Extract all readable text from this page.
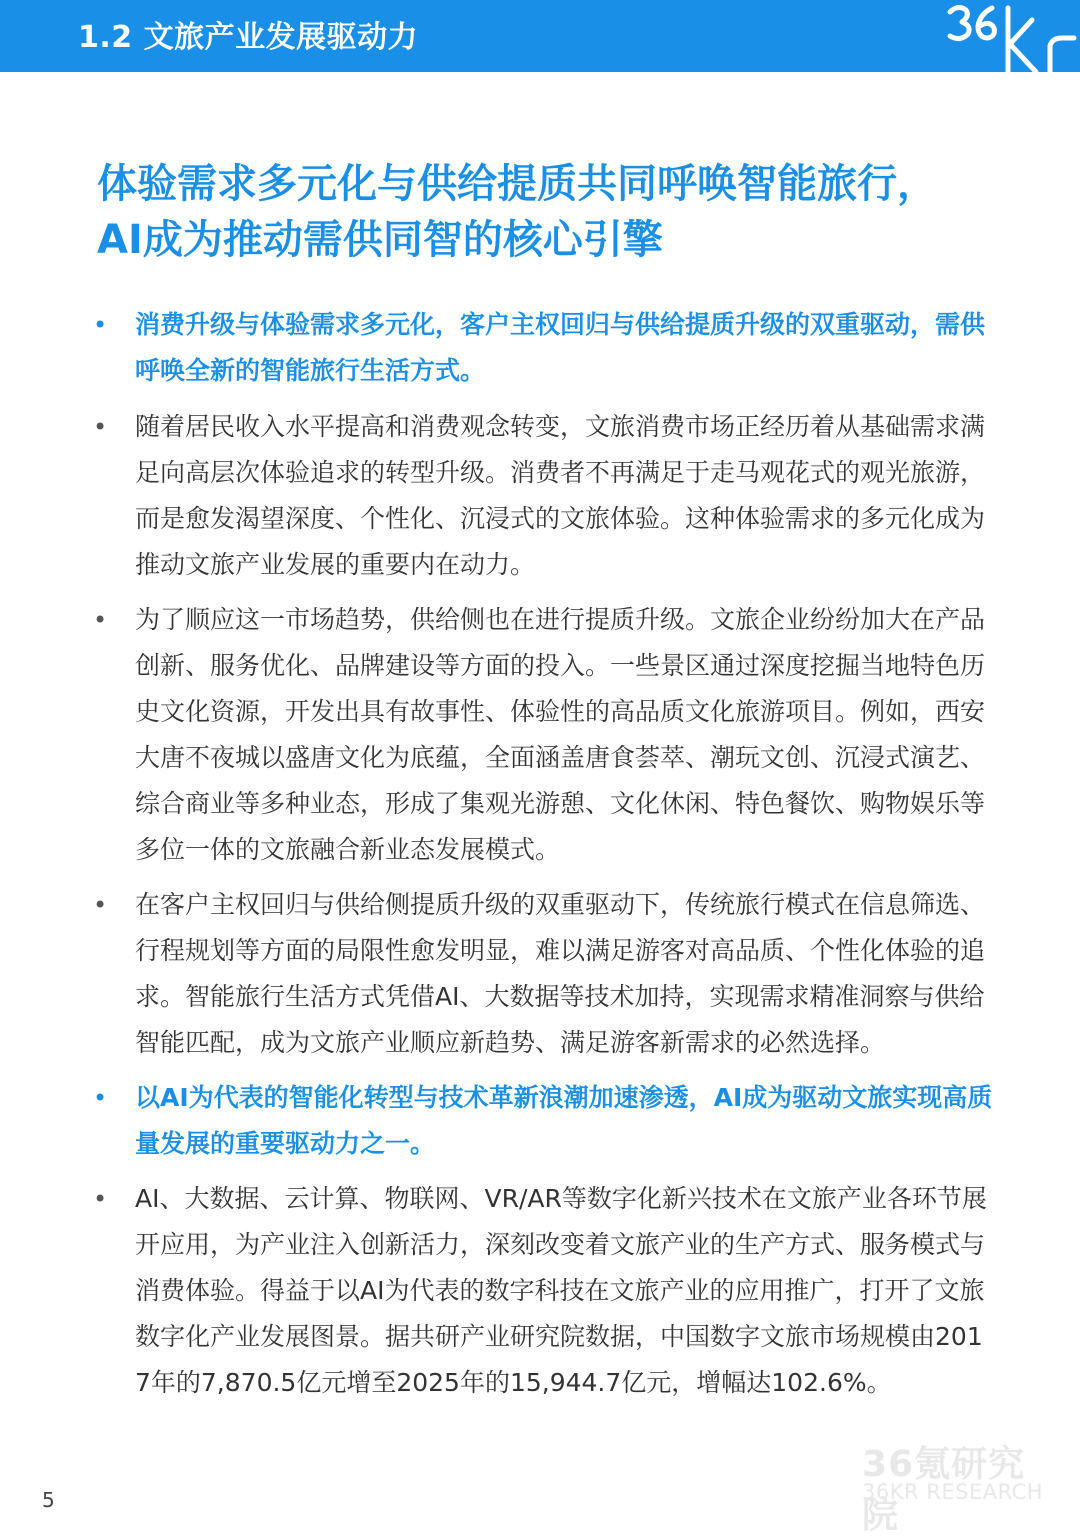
1.2 文旅产业发展驱动力
体验需求多元化与供给提质共同呼唤智能旅行，
AI成为推动需供同智的核心引擎
• 消费升级与体验需求多元化，客户主权回归与供给提质升级的双重驱动，需供呼唤全新的智能旅行生活方式。
• 随着居民收入水平提高和消费观念转变，文旅消费市场正经历着从基础需求满足向高层次体验追求的转型升级。消费者不再满足于走马观花式的观光旅游，而是愈发渴望深度、个性化、沉浸式的文旅体验。这种体验需求的多元化成为推动文旅产业发展的重要内在动力。
• 为了顺应这一市场趋势，供给侧也在进行提质升级。文旅企业纷纷加大在产品创新、服务优化、品牌建设等方面的投入。一些景区通过深度挖掘当地特色历史文化资源，开发出具有故事性、体验性的高品质文化旅游项目。例如，西安大唐不夜城以盛唐文化为底蕴，全面涵盖唐食荟萃、潮玩文创、沉浸式演艺、综合商业等多种业态，形成了集观光游憩、文化休闲、特色餐饮、购物娱乐等多位一体的文旅融合新业态发展模式。
• 在客户主权回归与供给侧提质升级的双重驱动下，传统旅行模式在信息筛选、行程规划等方面的局限性愈发明显，难以满足游客对高品质、个性化体验的追求。智能旅行生活方式凭借AI、大数据等技术加持，实现需求精准洞察与供给智能匹配，成为文旅产业顺应新趋势、满足游客新需求的必然选择。
• 以AI为代表的智能化转型与技术革新浪潮加速渗透，AI成为驱动文旅实现高质量发展的重要驱动力之一。
• AI、大数据、云计算、物联网、VR/AR等数字化新兴技术在文旅产业各环节展开应用，为产业注入创新活力，深刻改变着文旅产业的生产方式、服务模式与消费体验。得益于以AI为代表的数字科技在文旅产业的应用推广，打开了文旅数字化产业发展图景。据共研产业研究院数据，中国数字文旅市场规模由2017年的7,870.5亿元增至2025年的15,944.7亿元，增幅达102.6%。
36氪研究院
36KR RESEARCH
5
